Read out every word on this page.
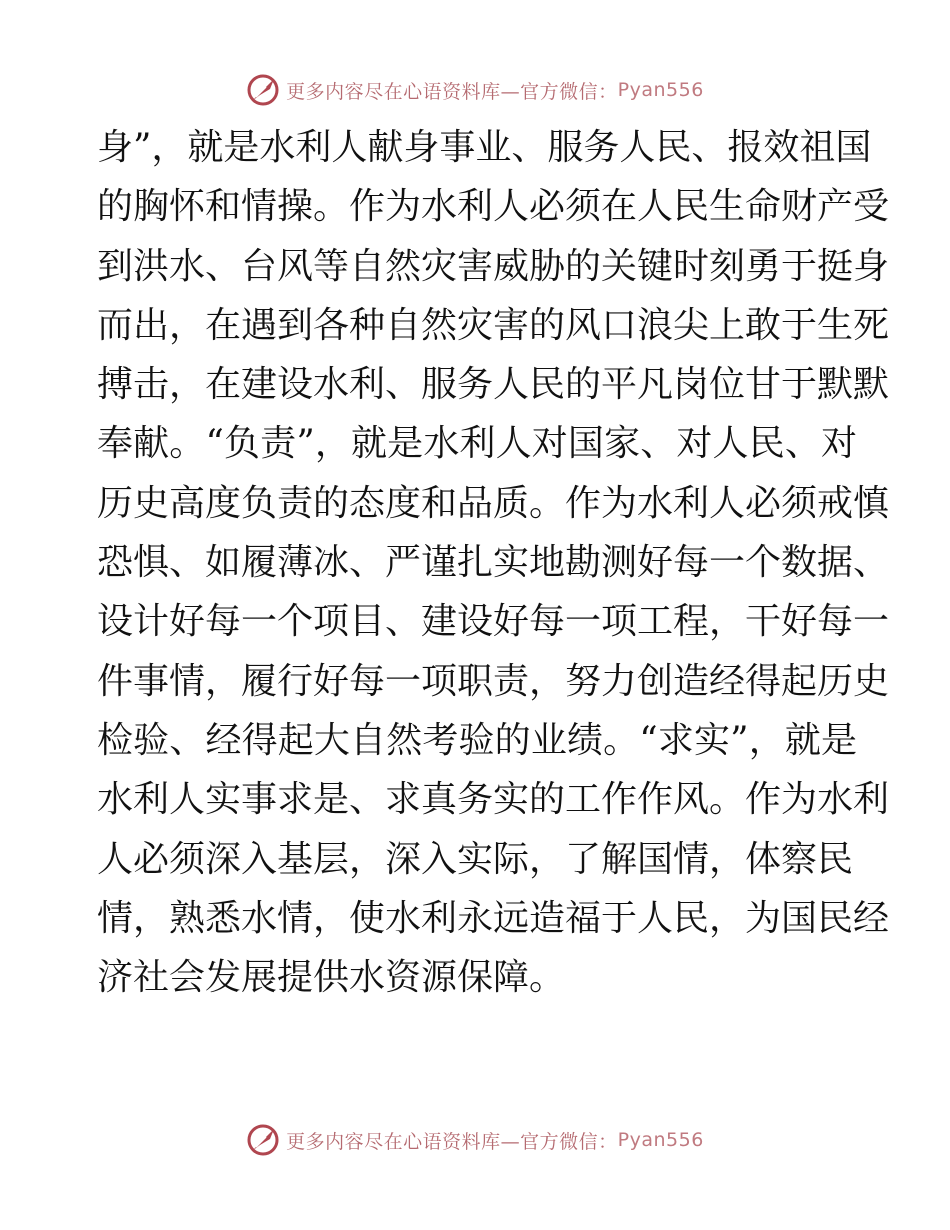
更多内容尽在心语资料库—官方微信： Pyan556
身”，就是水利人献身事业、服务人民、报效祖国
的胸怀和情操。作为水利人必须在人民生命财产受
到洪水、台风等自然灾害威胁的关键时刻勇于挺身
而出，在遇到各种自然灾害的风口浪尖上敢于生死
搏击，在建设水利、服务人民的平凡岗位甘于默默
奉献。“负责”，就是水利人对国家、对人民、对
历史高度负责的态度和品质。作为水利人必须戒慎
恐惧、如履薄冰、严谨扎实地勘测好每一个数据、
设计好每一个项目、建设好每一项工程，干好每一
件事情，履行好每一项职责，努力创造经得起历史
检验、经得起大自然考验的业绩。“求实”，就是
水利人实事求是、求真务实的工作作风。作为水利
人必须深入基层，深入实际，了解国情，体察民
情，熟悉水情，使水利永远造福于人民，为国民经
济社会发展提供水资源保障。
更多内容尽在心语资料库—官方微信： Pyan556
